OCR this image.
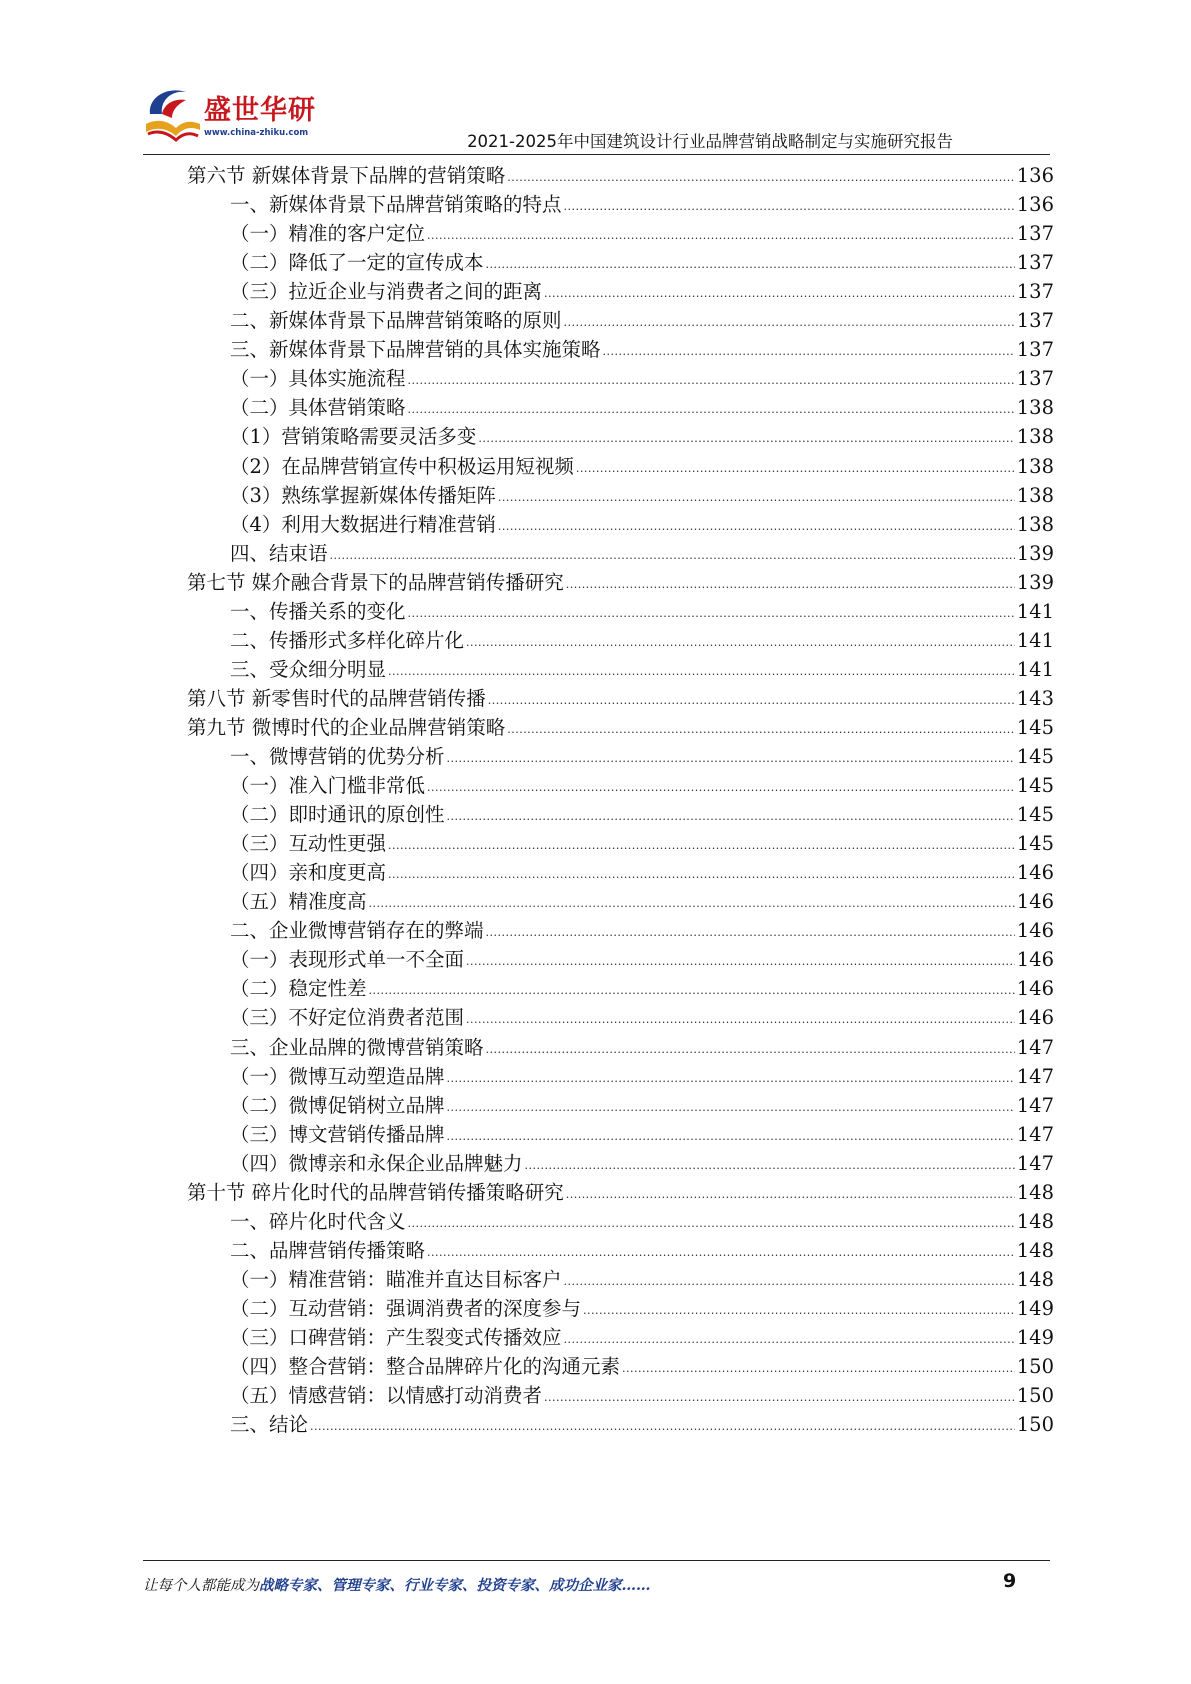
盛世华研
www.china-zhiku.com	2021-2025年中国建筑设计行业品牌营销战略制定与实施研究报告
第六节 新媒体背景下品牌的营销策略 .....	136
一、新媒体背景下品牌营销策略的特点 .....	136
（一）精准的客户定位 .....	137
（二）降低了一定的宣传成本 .....	137
（三）拉近企业与消费者之间的距离 .....	137
二、新媒体背景下品牌营销策略的原则 .....	137
三、新媒体背景下品牌营销的具体实施策略 .....	137
（一）具体实施流程 .....	137
（二）具体营销策略 .....	138
（1）营销策略需要灵活多变 .....	138
（2）在品牌营销宣传中积极运用短视频 .....	138
（3）熟练掌握新媒体传播矩阵 .....	138
（4）利用大数据进行精准营销 .....	138
四、结束语 .....	139
第七节 媒介融合背景下的品牌营销传播研究 .....	139
一、传播关系的变化 .....	141
二、传播形式多样化碎片化 .....	141
三、受众细分明显 .....	141
第八节 新零售时代的品牌营销传播 .....	143
第九节 微博时代的企业品牌营销策略 .....	145
一、微博营销的优势分析 .....	145
（一）准入门槛非常低 .....	145
（二）即时通讯的原创性 .....	145
（三）互动性更强 .....	145
（四）亲和度更高 .....	146
（五）精准度高 .....	146
二、企业微博营销存在的弊端 .....	146
（一）表现形式单一不全面 .....	146
（二）稳定性差 .....	146
（三）不好定位消费者范围 .....	146
三、企业品牌的微博营销策略 .....	147
（一）微博互动塑造品牌 .....	147
（二）微博促销树立品牌 .....	147
（三）博文营销传播品牌 .....	147
（四）微博亲和永保企业品牌魅力 .....	147
第十节 碎片化时代的品牌营销传播策略研究 .....	148
一、碎片化时代含义 .....	148
二、品牌营销传播策略 .....	148
（一）精准营销：瞄准并直达目标客户 .....	148
（二）互动营销：强调消费者的深度参与 .....	149
（三）口碑营销：产生裂变式传播效应 .....	149
（四）整合营销：整合品牌碎片化的沟通元素 .....	150
（五）情感营销：以情感打动消费者 .....	150
三、结论 .....	150
让每个人都能成为战略专家、管理专家、行业专家、投资专家、成功企业家……	9
